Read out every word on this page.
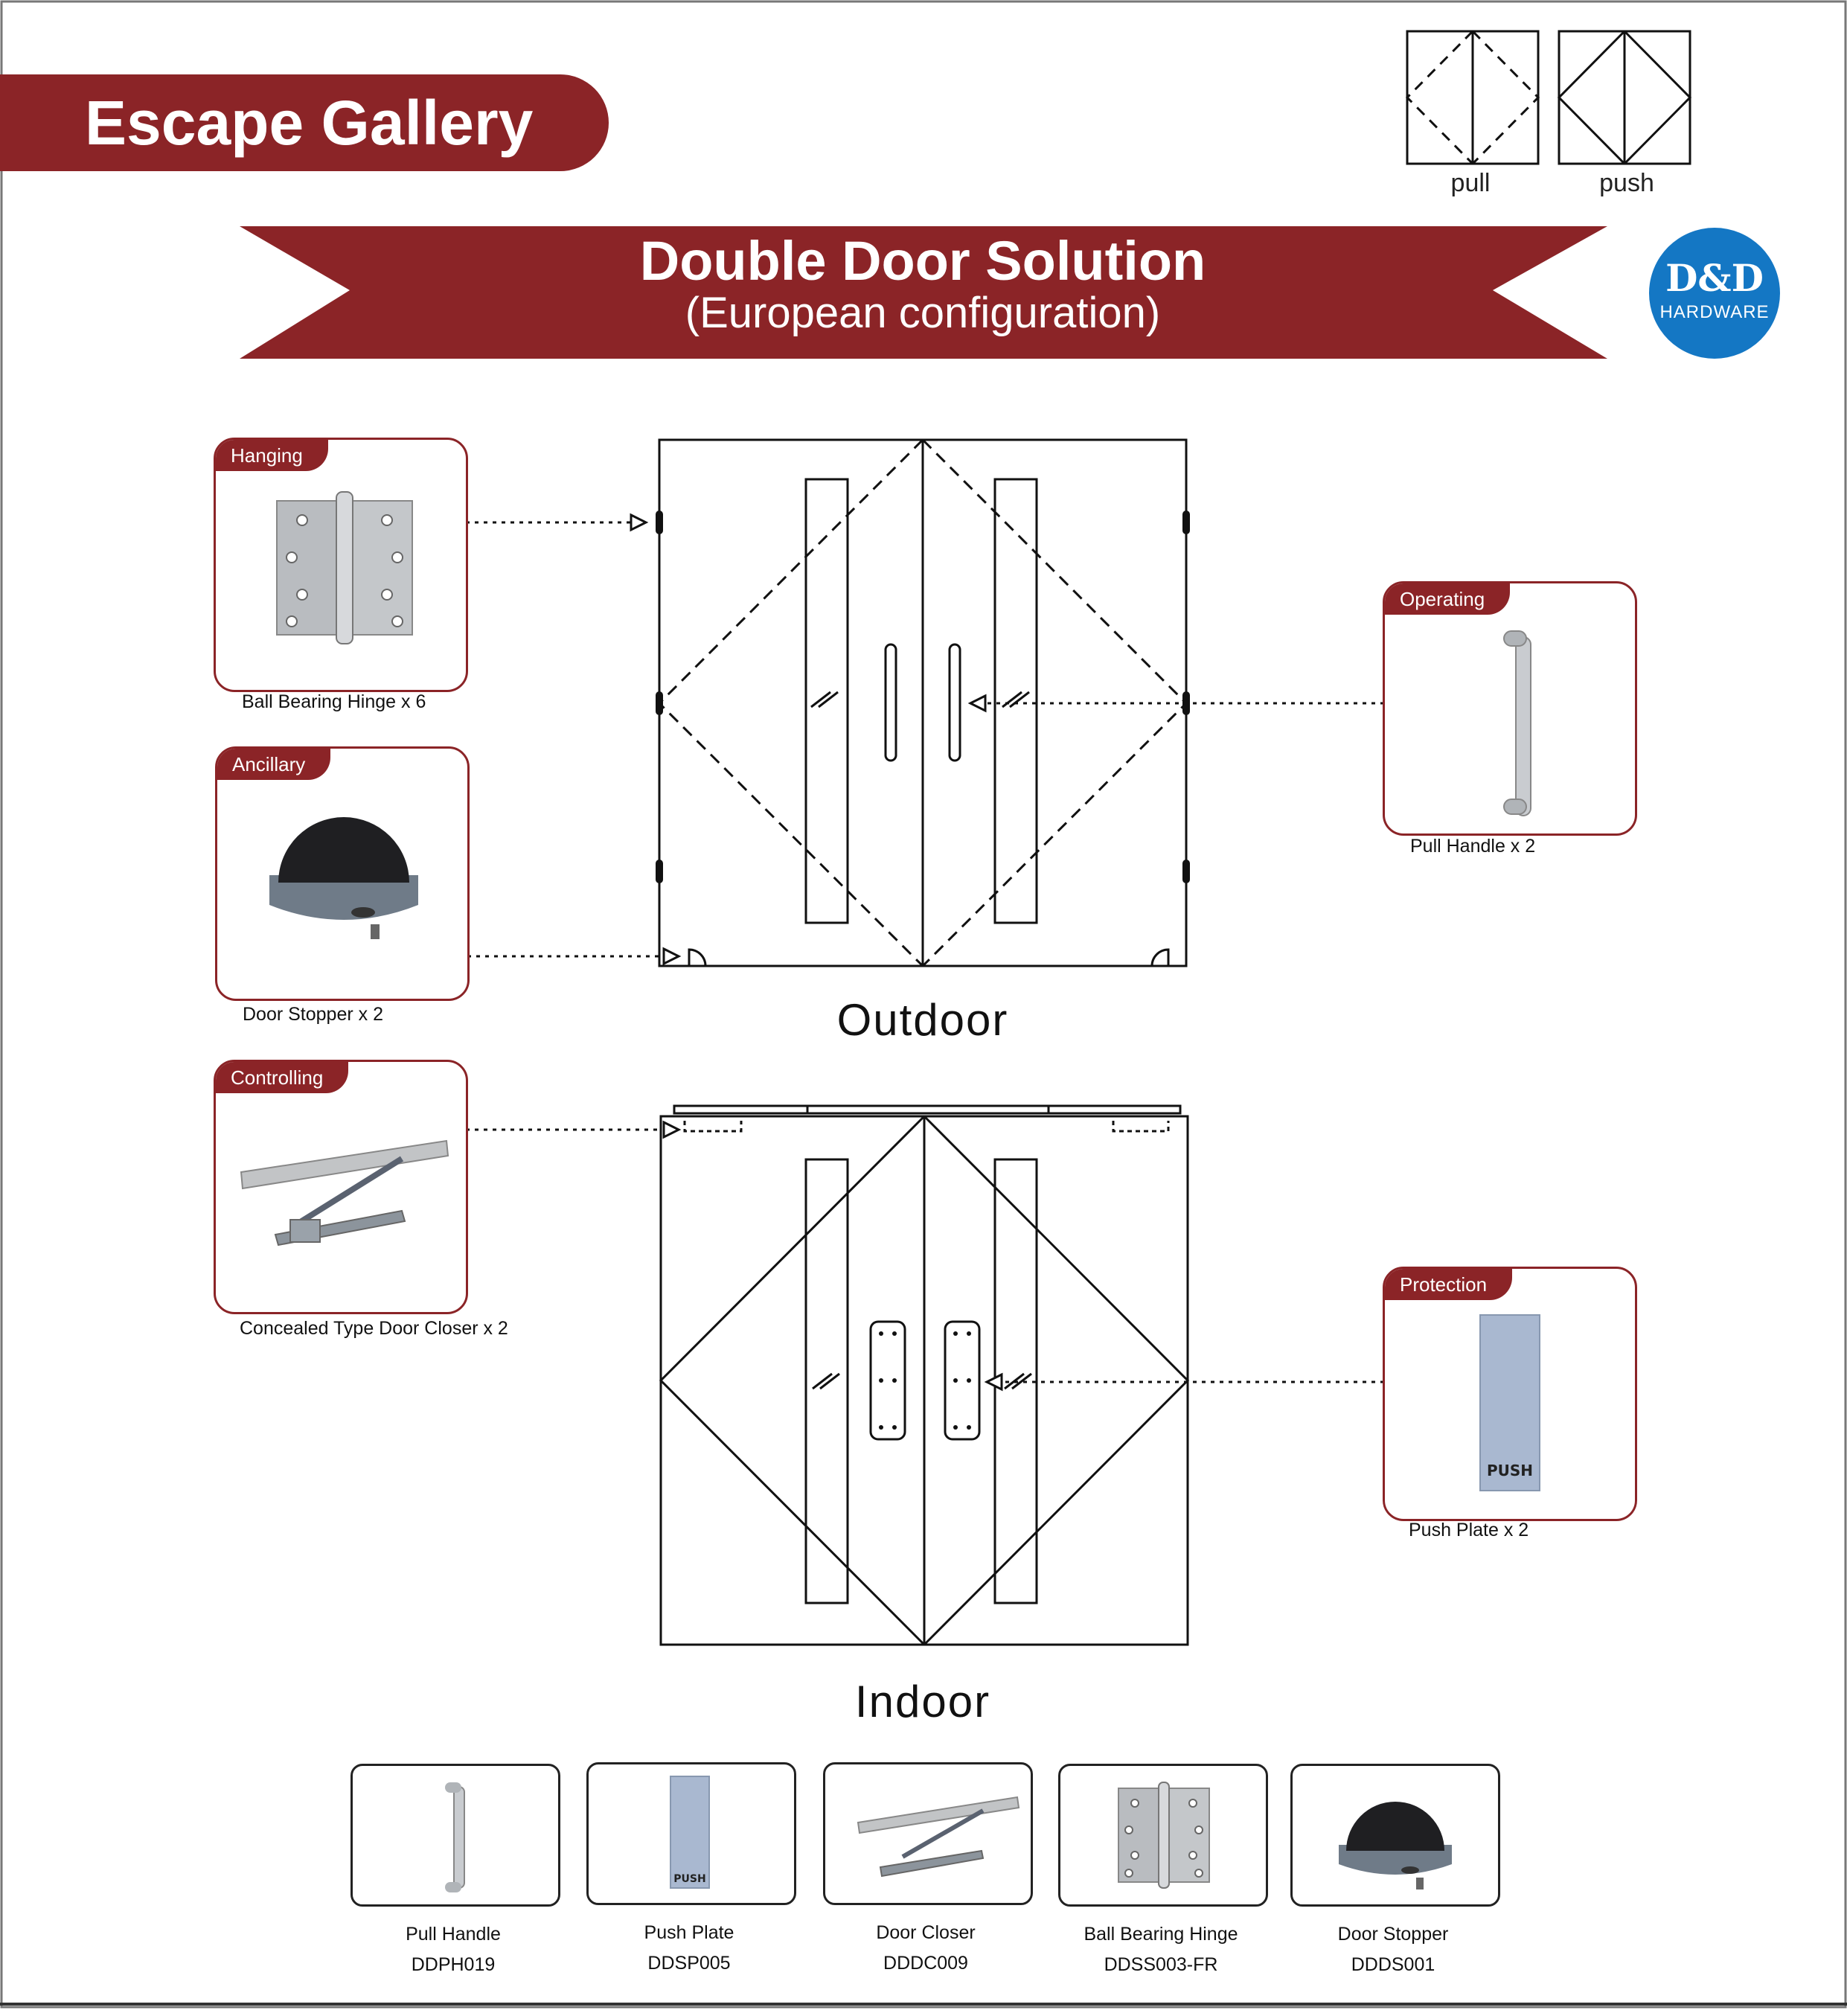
Escape Gallery
pull	push
Double Door Solution
(European configuration)
D&D
HARDWARE
Hanging
Ball Bearing Hinge x 6
Ancillary
Door Stopper x 2
Controlling
Concealed Type Door Closer x 2
Operating
Pull Handle x 2
PUSH
Protection
Push Plate x 2
Outdoor
Indoor
Pull Handle
DDPH019
PUSH
Push Plate
DDSP005
Door Closer
DDDC009
Ball Bearing Hinge
DDSS003-FR
Door Stopper
DDDS001
